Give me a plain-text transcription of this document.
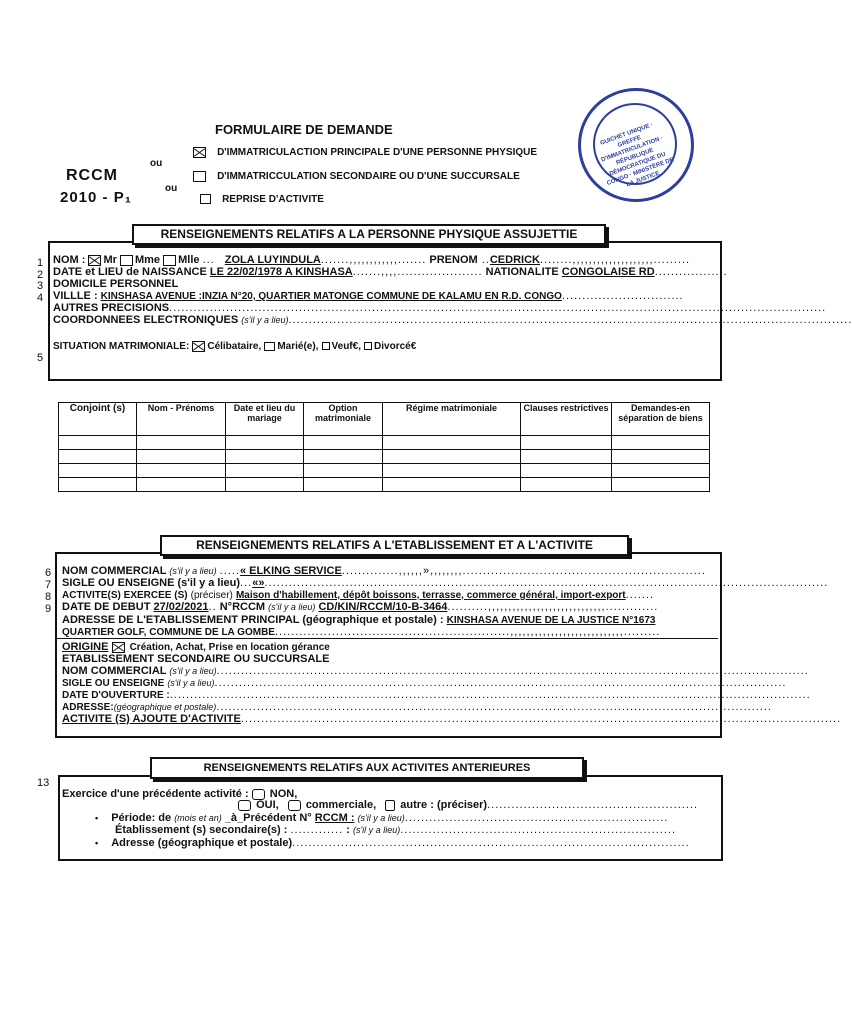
FORMULAIRE DE DEMANDE
RCCM
2010 - P₁
ou
ou
D'IMMATRICULACTION PRINCIPALE D'UNE PERSONNE PHYSIQUE
D'IMMATRICCULATION SECONDAIRE OU D'UNE SUCCURSALE
REPRISE D'ACTIVITE
GUICHET UNIQUE · GREFFE D'IMMATRICULATION · RÉPUBLIQUE DÉMOCRATIQUE DU CONGO · MINISTÈRE DE LA JUSTICE
RENSEIGNEMENTS RELATIFS A LA PERSONNE PHYSIQUE ASSUJETTIE
1
2
3
4
5
NOM : Mr Mme Mlle ... ZOLA LUYINDULA.......,,,,,,,,,,,,....... PRENOM ..CEDRICK........,,,,,,,,,,,,,,,,,,,,.........
DATE et LIEU de NAISSANCE LE 22/02/1978 A KINSHASA.......,,,,..................... NATIONALITE CONGOLAISE RD..................
DOMICILE PERSONNEL
VILLLE : KINSHASA AVENUE :INZIA N°20, QUARTIER MATONGE COMMUNE DE KALAMU EN R.D. CONGO..............................
AUTRES PRECISIONS..................................................................................................................................................................
COORDONNEES ELECTRONIQUES (s'il y a lieu)...........................................................................................................................................
SITUATION MATRIMONIALE: Célibataire, Marié(e), Veuf€, Divorcé€
Conjoint (s)	Nom - Prénoms	Date et lieu du mariage	Option matrimoniale	Régime matrimoniale	Clauses restrictives	Demandes-en séparation de biens

RENSEIGNEMENTS RELATIFS A L'ETABLISSEMENT ET A L'ACTIVITE
6
7
8
9
NOM COMMERCIAL (s'il y a lieu) .....« ELKING SERVICE..............,,,,,,»,,,,,,,,............................................................
SIGLE OU ENSEIGNE (s'il y a lieu)...«»...........................................................................................................................................
ACTIVITE(S) EXERCEE (S) (préciser) Maison d'habillement, dépôt boissons, terrasse, commerce général, import-export.......
DATE DE DEBUT 27/02/2021.. N°RCCM (s'il y a lieu) CD/KIN/RCCM/10-B-3464..........,,,,,,,,,,,,,,,,,,,,,,,,,,,,,.............
ADRESSE DE L'ETABLISSEMENT PRINCIPAL (géographique et postale) : KINSHASA AVENUE DE LA JUSTICE N°1673
QUARTIER GOLF, COMMUNE DE LA GOMBE..........................................................,,,,,,,,,,,,,,,,,,,,,,,,,,,,.........
ORIGINE Création, Achat, Prise en location gérance
ETABLISSEMENT SECONDAIRE OU SUCCURSALE
NOM COMMERCIAL (s'il y a lieu)..................................................................................................................................................
SIGLE OU ENSEIGNE (s'il y a lieu).............................................................................................................................................
DATE D'OUVERTURE :..............................................................................................................................................................
ADRESSE:(géographique et postale).........................................................................................................................................
ACTIVITE (S) AJOUTE D'ACTIVITE....................................................................................................................................................
RENSEIGNEMENTS RELATIFS AUX ACTIVITES ANTERIEURES
13
Exercice d'une précédente activité : NON,
OUI, commerciale, autre : (préciser)....................................................
• Période: de (mois et an) _à_Précédent N° RCCM : (s'il y a lieu).................................................................
Établissement (s) secondaire(s) : ............. : (s'il y a lieu)....................................................................
• Adresse (géographique et postale)..................................................................................................
